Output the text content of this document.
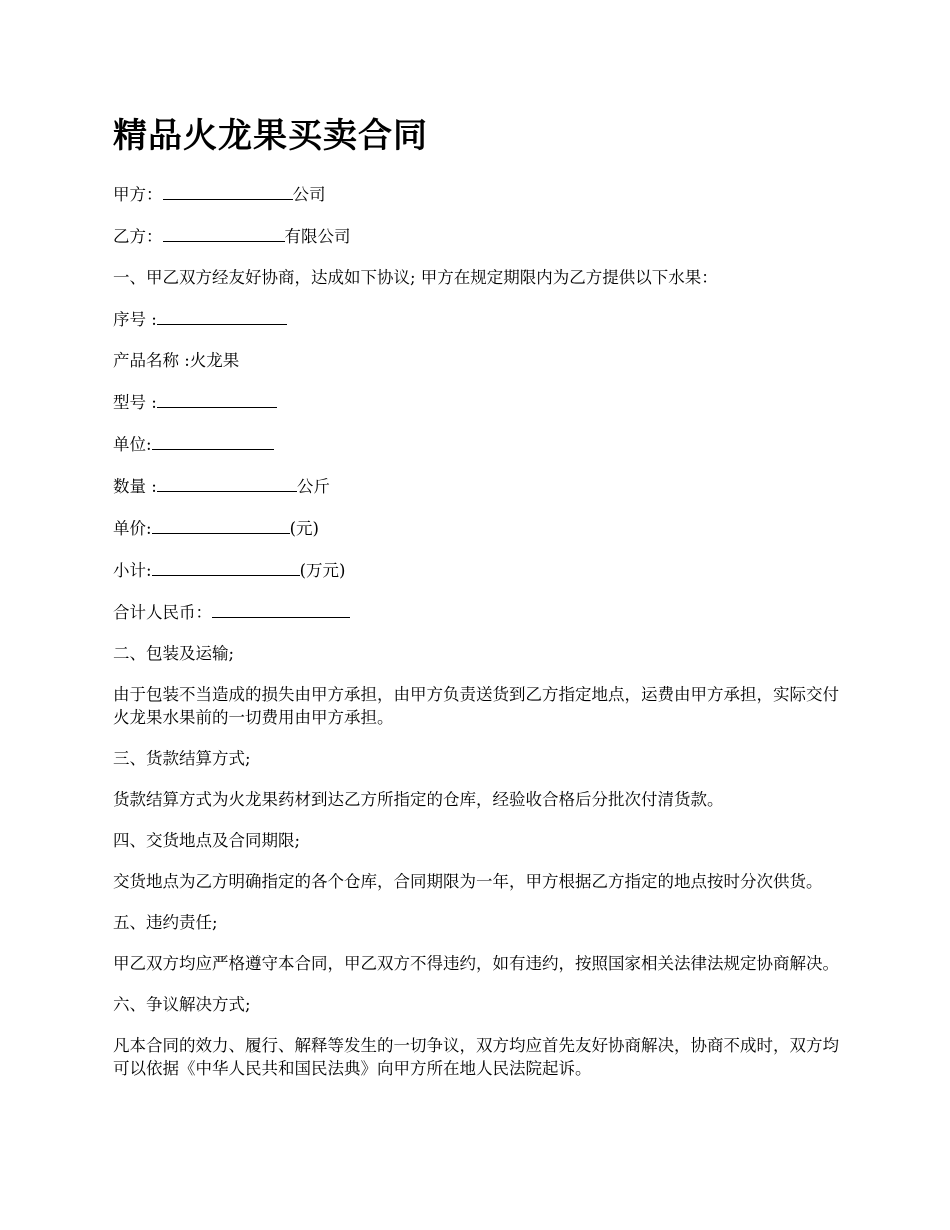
精品火龙果买卖合同

甲方：	公司

乙方：	有限公司

一、甲乙双方经友好协商，达成如下协议; 甲方在规定期限内为乙方提供以下水果：

序号 :

产品名称 :火龙果

型号 :

单位:

数量 :	公斤

单价:	(元)

小计:	(万元)

合计人民币：

二、包装及运输;

由于包装不当造成的损失由甲方承担，由甲方负责送货到乙方指定地点，运费由甲方承担，实际交付火龙果水果前的一切费用由甲方承担。

三、货款结算方式;

货款结算方式为火龙果药材到达乙方所指定的仓库，经验收合格后分批次付清货款。

四、交货地点及合同期限;

交货地点为乙方明确指定的各个仓库，合同期限为一年，甲方根据乙方指定的地点按时分次供货。

五、违约责任;

甲乙双方均应严格遵守本合同，甲乙双方不得违约，如有违约，按照国家相关法律法规定协商解决。

六、争议解决方式;

凡本合同的效力、履行、解释等发生的一切争议，双方均应首先友好协商解决，协商不成时，双方均可以依据《中华人民共和国民法典》向甲方所在地人民法院起诉。
